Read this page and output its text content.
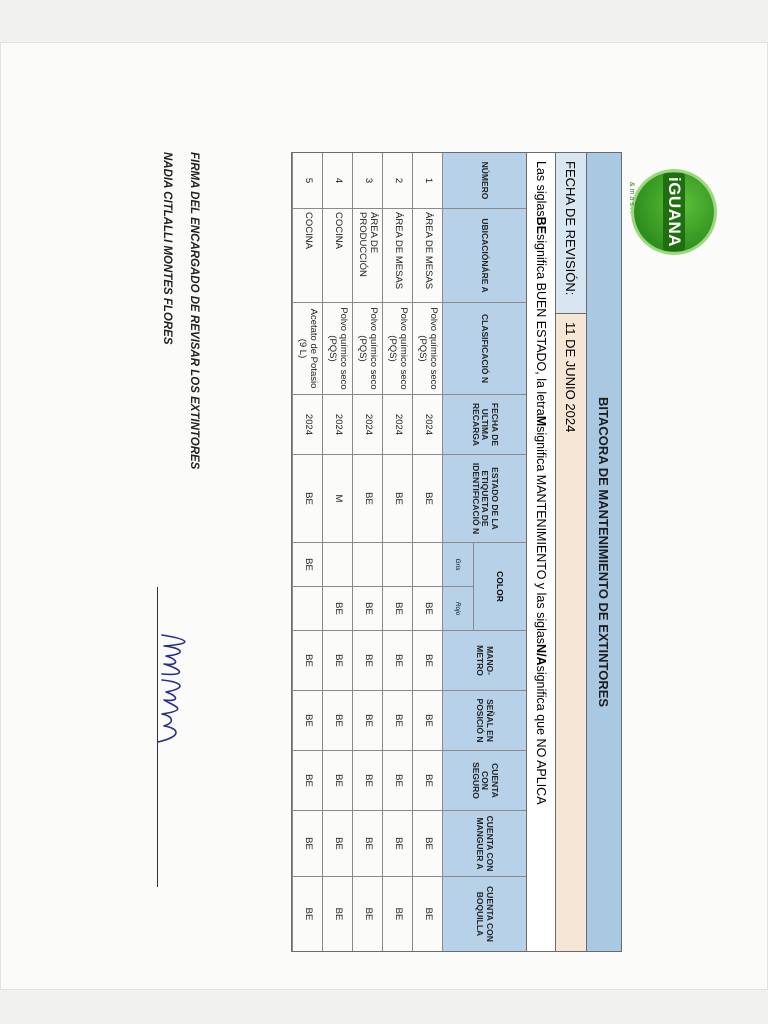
iGUANA
& m a s . .
BITACORA DE MANTENIMIENTO DE EXTINTORES
FECHA DE REVISIÓN:
11 DE JUNIO 2024
Las siglas
BE
significa BUEN ESTADO, la letra
M
significa MANTENIMIENTO y las siglas
N/A
significa que NO APLICA
NÚMERO
UBICACIÓNÁRE A
CLASIFICACIÓ N
FECHA DE ULTIMA RECARGA
ESTADO DE LA ETIQUETA DE IDENTIFICACIÓ N
COLOR
Gris
Rojo
MANO- METRO
SEÑAL EN POSICIÓ N
CUENTA CON SEGURO
CUENTA CON MANGUER A
CUENTA CON BOQUILLA
1
ÁREA DE MESAS
Polvo químico seco (PQS)
2024
BE
BE
BE
BE
BE
BE
BE
2
ÁREA DE MESAS
Polvo químico seco (PQS)
2024
BE
BE
BE
BE
BE
BE
BE
3
ÁREA DE PRODUCCIÓN
Polvo químico seco (PQS)
2024
BE
BE
BE
BE
BE
BE
BE
4
COCINA
Polvo químico seco (PQS)
2024
M
BE
BE
BE
BE
BE
BE
5
COCINA
Acetato de Potasio (9 L)
2024
BE
BE
BE
BE
BE
BE
BE
FIRMA DEL ENCARGADO DE REVISAR LOS EXTINTORES
NADIA CITLALLI MONTES FLORES
